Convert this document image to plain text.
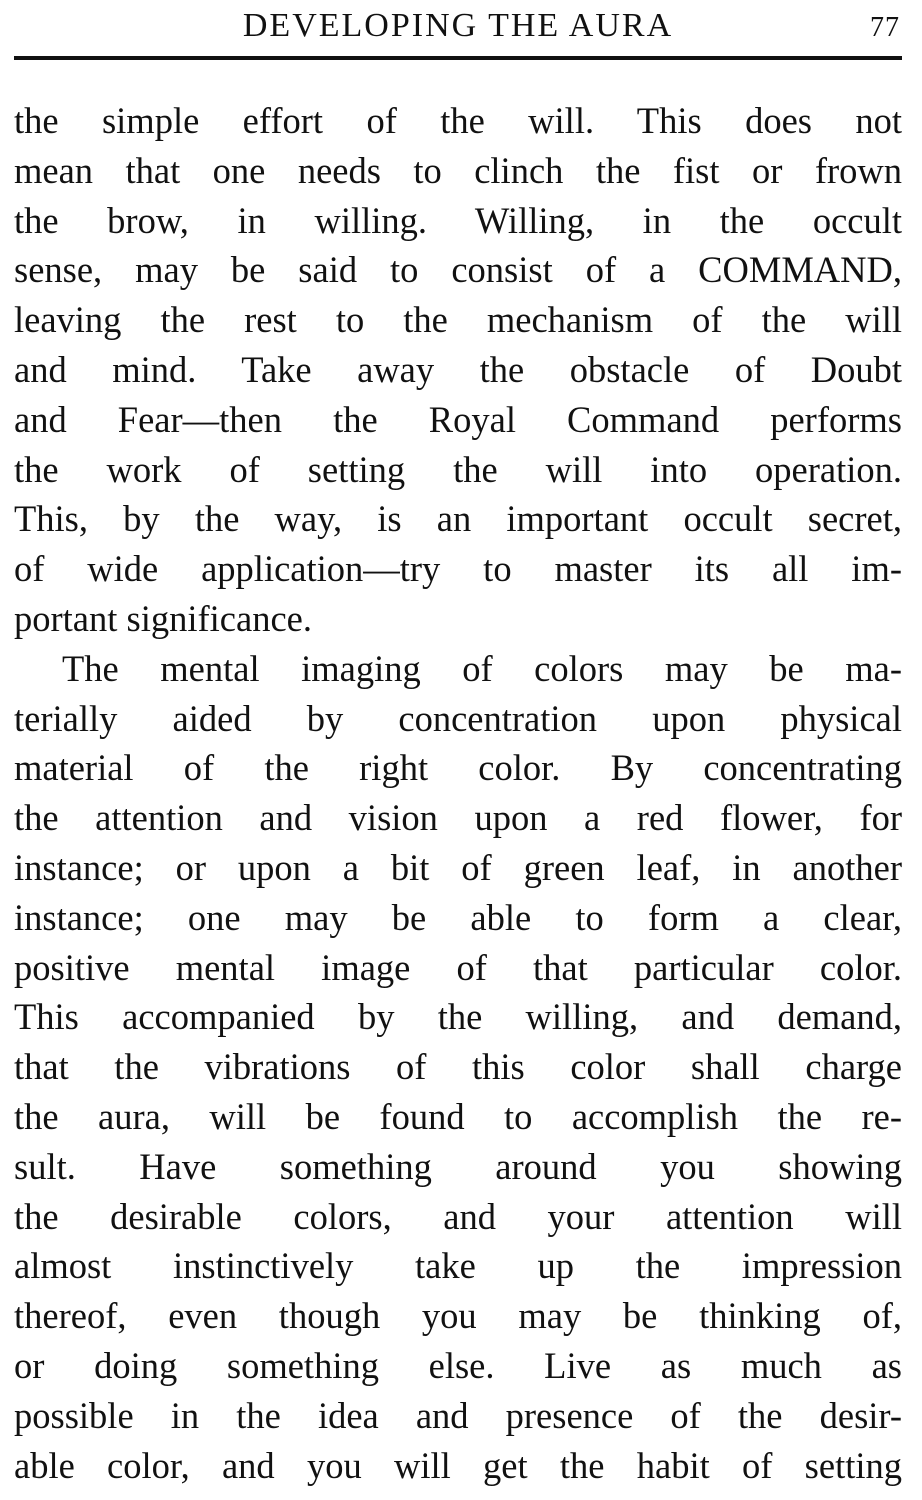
DEVELOPING THE AURA	77
the simple effort of the will. This does not
mean that one needs to clinch the fist or frown
the brow, in willing. Willing, in the occult
sense, may be said to consist of a COMMAND,
leaving the rest to the mechanism of the will
and mind. Take away the obstacle of Doubt
and Fear—then the Royal Command performs
the work of setting the will into operation.
This, by the way, is an important occult secret,
of wide application—try to master its all im-
portant significance.
The mental imaging of colors may be ma-
terially aided by concentration upon physical
material of the right color. By concentrating
the attention and vision upon a red flower, for
instance; or upon a bit of green leaf, in another
instance; one may be able to form a clear,
positive mental image of that particular color.
This accompanied by the willing, and demand,
that the vibrations of this color shall charge
the aura, will be found to accomplish the re-
sult. Have something around you showing
the desirable colors, and your attention will
almost instinctively take up the impression
thereof, even though you may be thinking of,
or doing something else. Live as much as
possible in the idea and presence of the desir-
able color, and you will get the habit of setting
